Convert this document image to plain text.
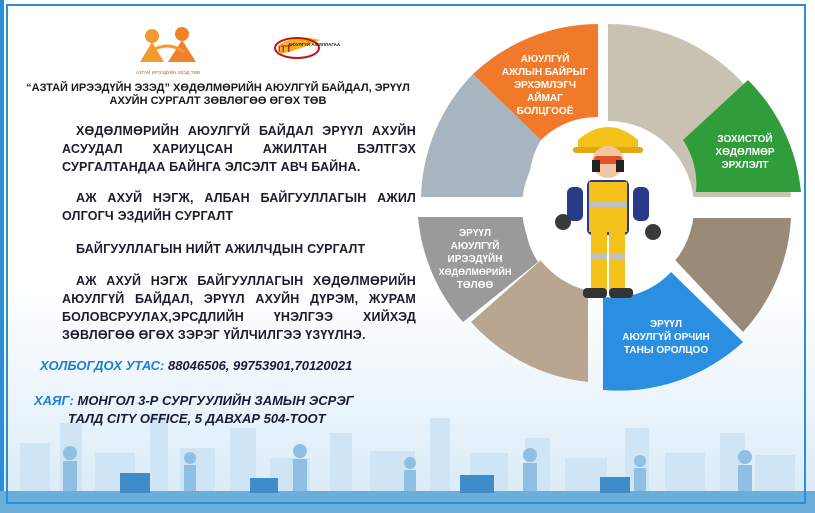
АЗТАЙ ИРЭЭДҮЙН ЭЗЭД ТӨВ
ITT
АЮУЛГҮЙ АЖИЛЛАГАА
“АЗТАЙ ИРЭЭДҮЙН ЭЗЭД” ХӨДӨЛМӨРИЙН АЮУЛГҮЙ БАЙДАЛ, ЭРҮҮЛ АХУЙН СУРГАЛТ ЗӨВЛӨГӨӨ ӨГӨХ ТӨВ
ХӨДӨЛМӨРИЙН АЮУЛГҮЙ БАЙДАЛ ЭРҮҮЛ АХУЙН АСУУДАЛ ХАРИУЦСАН АЖИЛТАН БЭЛТГЭХ СУРГАЛТАНДАА БАЙНГА ЭЛСЭЛТ АВЧ БАЙНА.
АЖ АХУЙ НЭГЖ, АЛБАН БАЙГУУЛЛАГЫН АЖИЛ ОЛГОГЧ ЭЗДИЙН СУРГАЛТ
БАЙГУУЛЛАГЫН НИЙТ АЖИЛЧДЫН СУРГАЛТ
АЖ АХУЙ НЭГЖ БАЙГУУЛЛАГЫН ХӨДӨЛМӨРИЙН АЮУЛГҮЙ БАЙДАЛ, ЭРҮҮЛ АХУЙН ДҮРЭМ, ЖУРАМ БОЛОВСРУУЛАХ,ЭРСДЛИЙН ҮНЭЛГЭЭ ХИЙХЭД ЗӨВЛӨГӨӨ ӨГӨХ ЗЭРЭГ ҮЙЛЧИЛГЭЭ ҮЗҮҮЛНЭ.
ХОЛБОГДОХ УТАС: 88046506, 99753901,70120021
ХАЯГ: МОНГОЛ 3-Р СУРГУУЛИЙН ЗАМЫН ЭСРЭГ
ТАЛД CITY OFFICE, 5 ДАВХАР 504-ТООТ
АЮУЛГҮЙ
АЖЛЫН БАЙРЫГ
ЭРХЭМЛЭГЧ
АЙМАГ
БОЛЦГООЁ
ЗОХИСТОЙ
ХӨДӨЛМӨР
ЭРХЛЭЛТ
ЭРҮҮЛ
АЮУЛГҮЙ ОРЧИН
ТАНЫ ОРОЛЦОО
ЭРҮҮЛ
АЮУЛГҮЙ
ИРЭЭДҮЙН
ХӨДӨЛМӨРИЙН
ТӨЛӨӨ
